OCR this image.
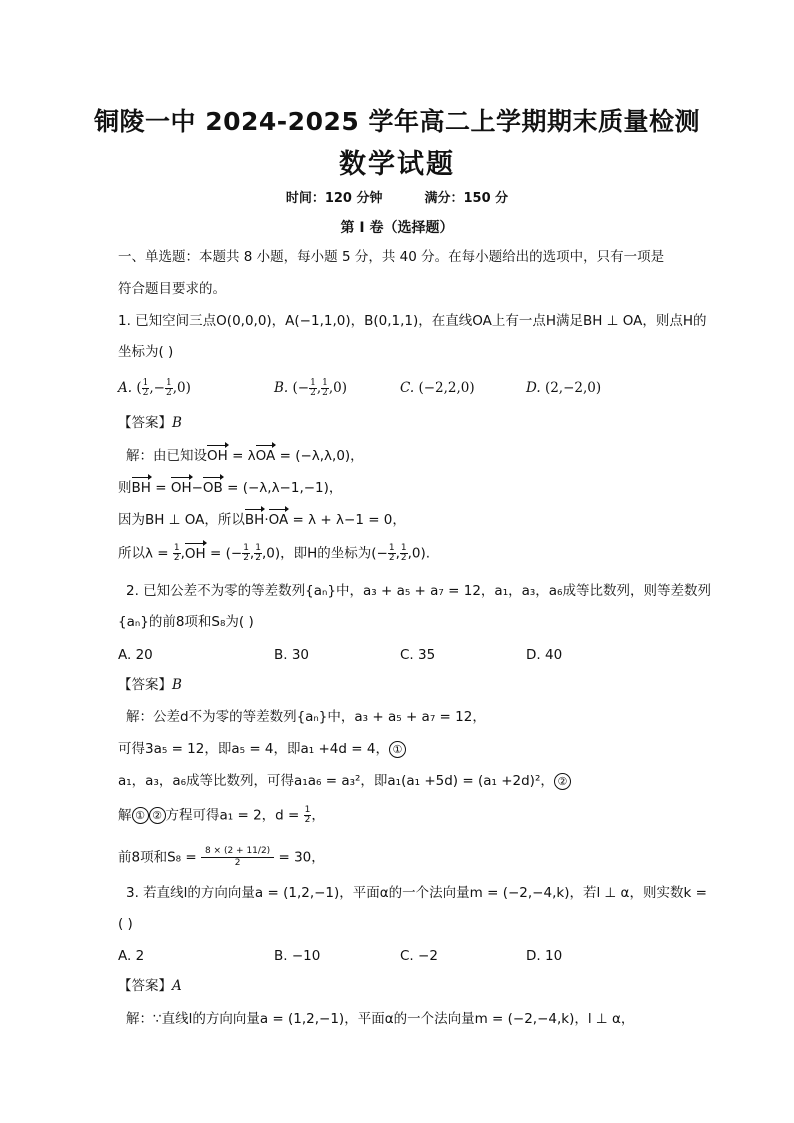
铜陵一中 2024-2025 学年高二上学期期末质量检测
数学试题
时间：120 分钟	满分：150 分
第 I 卷（选择题）
一、单选题：本题共 8 小题，每小题 5 分，共 40 分。在每小题给出的选项中，只有一项是
符合题目要求的。
1. 已知空间三点O(0,0,0)，A(−1,1,0)，B(0,1,1)，在直线OA上有一点H满足BH ⊥ OA，则点H的
坐标为( )
A. ( $\frac{1}{2}$ ,− $\frac{1}{2} ,0$)	B. (− $\frac{1}{2}$ , $\frac{1}{2} ,0$)	C. (−2,2,0)	D. (2,−2,0)
【答案】B
解：由已知设OH = λOA = (−λ,λ,0)，
则BH = OH−OB = (−λ,λ−1,−1)，
因为BH ⊥ OA，所以BH·OA = λ + λ−1 = 0，
所以$\lambda = \frac{1}{2} ,OH$ = (− $\frac{1}{2}$ , $\frac{1}{2} ,0$)，即H的坐标为(− $\frac{1}{2}$ , $\frac{1}{2} ,0$).
2. 已知公差不为零的等差数列{aₙ}中，a₃ + a₅ + a₇ = 12，a₁，a₃，a₆成等比数列，则等差数列
{aₙ}的前8项和S₈为( )
A. 20	B. 30	C. 35	D. 40
【答案】B
解：公差d不为零的等差数列{aₙ}中，a₃ + a₅ + a₇ = 12，
可得3a₅ = 12，即a₅ = 4，即a₁ +4d = 4， ①
a₁，a₃，a₆成等比数列，可得a₁a₆ = a₃²，即a₁(a₁ +5d) = (a₁ +2d)²， ②
解 ① ② 方程可得a₁ = 2，$d = \frac{1}{2}$ ，
前8项和$S_8 = \frac{8 \times (2 + 11/2)}{2} = 30$，
3. 若直线l的方向向量a = (1,2,−1)，平面α的一个法向量m = (−2,−4,k)，若l ⊥ α，则实数k =
( )
A. 2	B. −10	C. −2	D. 10
【答案】A
解：∵直线l的方向向量a = (1,2,−1)，平面α的一个法向量m = (−2,−4,k)，l ⊥ α，
